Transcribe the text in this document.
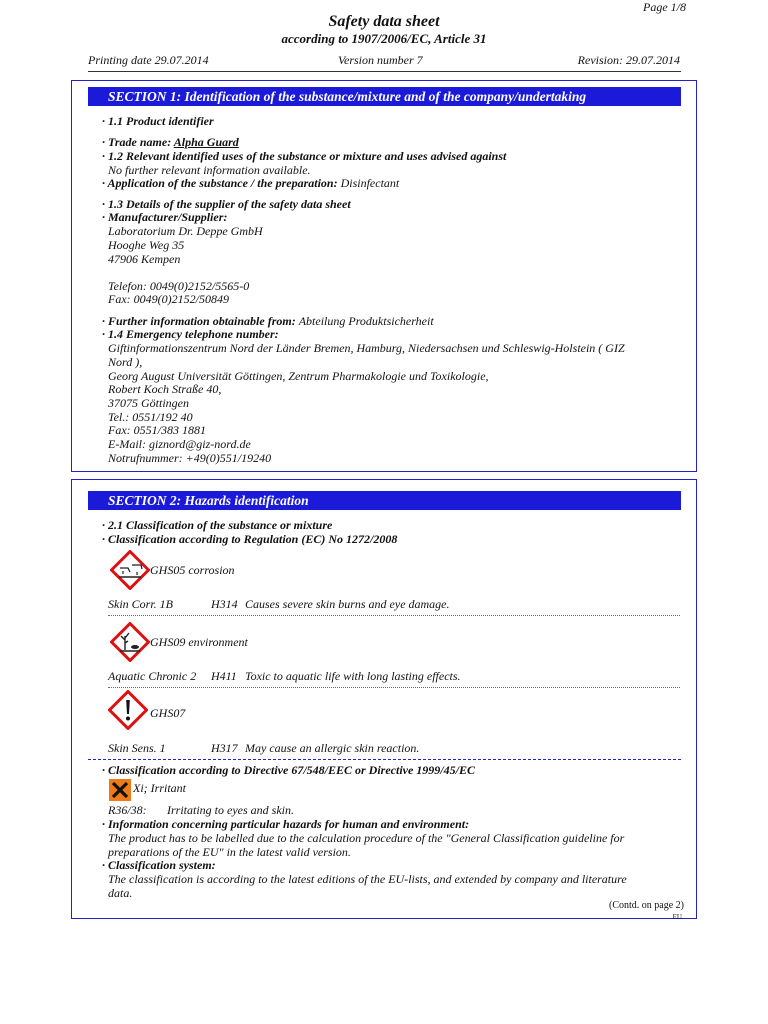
Page 1/8
Safety data sheet
according to 1907/2006/EC, Article 31
Printing date 29.07.2014	Version number 7	Revision: 29.07.2014
SECTION 1: Identification of the substance/mixture and of the company/undertaking
· 1.1 Product identifier
· Trade name: Alpha Guard
· 1.2 Relevant identified uses of the substance or mixture and uses advised against
No further relevant information available.
· Application of the substance / the preparation: Disinfectant
· 1.3 Details of the supplier of the safety data sheet
· Manufacturer/Supplier:
Laboratorium Dr. Deppe GmbH
Hooghe Weg 35
47906 Kempen
Telefon: 0049(0)2152/5565-0
Fax: 0049(0)2152/50849
· Further information obtainable from: Abteilung Produktsicherheit
· 1.4 Emergency telephone number:
Giftinformationszentrum Nord der Länder Bremen, Hamburg, Niedersachsen und Schleswig-Holstein ( GIZ
Nord ),
Georg August Universität Göttingen, Zentrum Pharmakologie und Toxikologie,
Robert Koch Straße 40,
37075 Göttingen
Tel.: 0551/192 40
Fax: 0551/383 1881
E-Mail: giznord@giz-nord.de
Notrufnummer: +49(0)551/19240
SECTION 2: Hazards identification
· 2.1 Classification of the substance or mixture
· Classification according to Regulation (EC) No 1272/2008
GHS05 corrosion
Skin Corr. 1B	H314 Causes severe skin burns and eye damage.
GHS09 environment
Aquatic Chronic 2 H411 Toxic to aquatic life with long lasting effects.
GHS07
Skin Sens. 1	H317 May cause an allergic skin reaction.
· Classification according to Directive 67/548/EEC or Directive 1999/45/EC
Xi; Irritant
R36/38: Irritating to eyes and skin.
· Information concerning particular hazards for human and environment:
The product has to be labelled due to the calculation procedure of the "General Classification guideline for
preparations of the EU" in the latest valid version.
· Classification system:
The classification is according to the latest editions of the EU-lists, and extended by company and literature
data.
(Contd. on page 2)
EU
